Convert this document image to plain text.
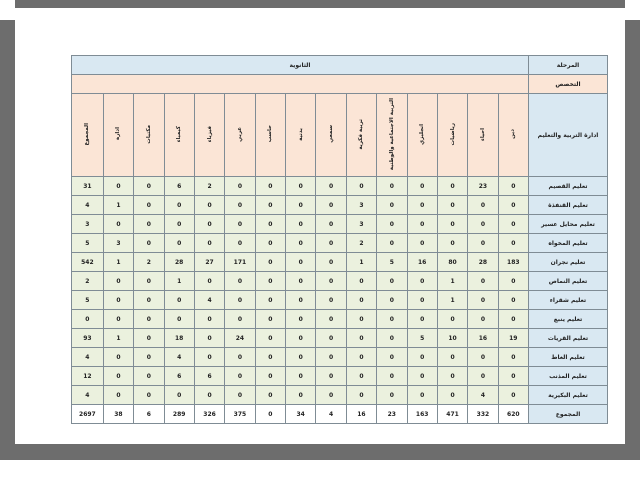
المرحلة	الثانوية														
التخصص															
ادارة التربية والتعليم	دين	احياء	رياضيات	انجليزي	التربية الاجتماعية والوطنية	تربية فكرية	سمعي	بدنية	حاسب	عربي	فيزياء	كيمياء	مكتبات	ادارة	المجموع
تعليم القصيم	0	23	0	0	0	0	0	0	0	0	2	6	0	0	31
تعليم القنفذة	0	0	0	0	0	3	0	0	0	0	0	0	0	1	4
تعليم محايل عسير	0	0	0	0	0	3	0	0	0	0	0	0	0	0	3
تعليم المخواه	0	0	0	0	0	2	0	0	0	0	0	0	0	3	5
تعليم نجران	183	28	80	16	5	1	0	0	0	171	27	28	2	1	542
تعليم النماص	0	0	1	0	0	0	0	0	0	0	0	1	0	0	2
تعليم شقراء	0	0	1	0	0	0	0	0	0	0	4	0	0	0	5
تعليم ينبع	0	0	0	0	0	0	0	0	0	0	0	0	0	0	0
تعليم القريات	19	16	10	5	0	0	0	0	0	24	0	18	0	1	93
تعليم الغاط	0	0	0	0	0	0	0	0	0	0	0	4	0	0	4
تعليم المذنب	0	0	0	0	0	0	0	0	0	0	6	6	0	0	12
تعليم البكيرية	0	4	0	0	0	0	0	0	0	0	0	0	0	0	4
المجموع	620	332	471	163	23	16	4	34	0	375	326	289	6	38	2697
